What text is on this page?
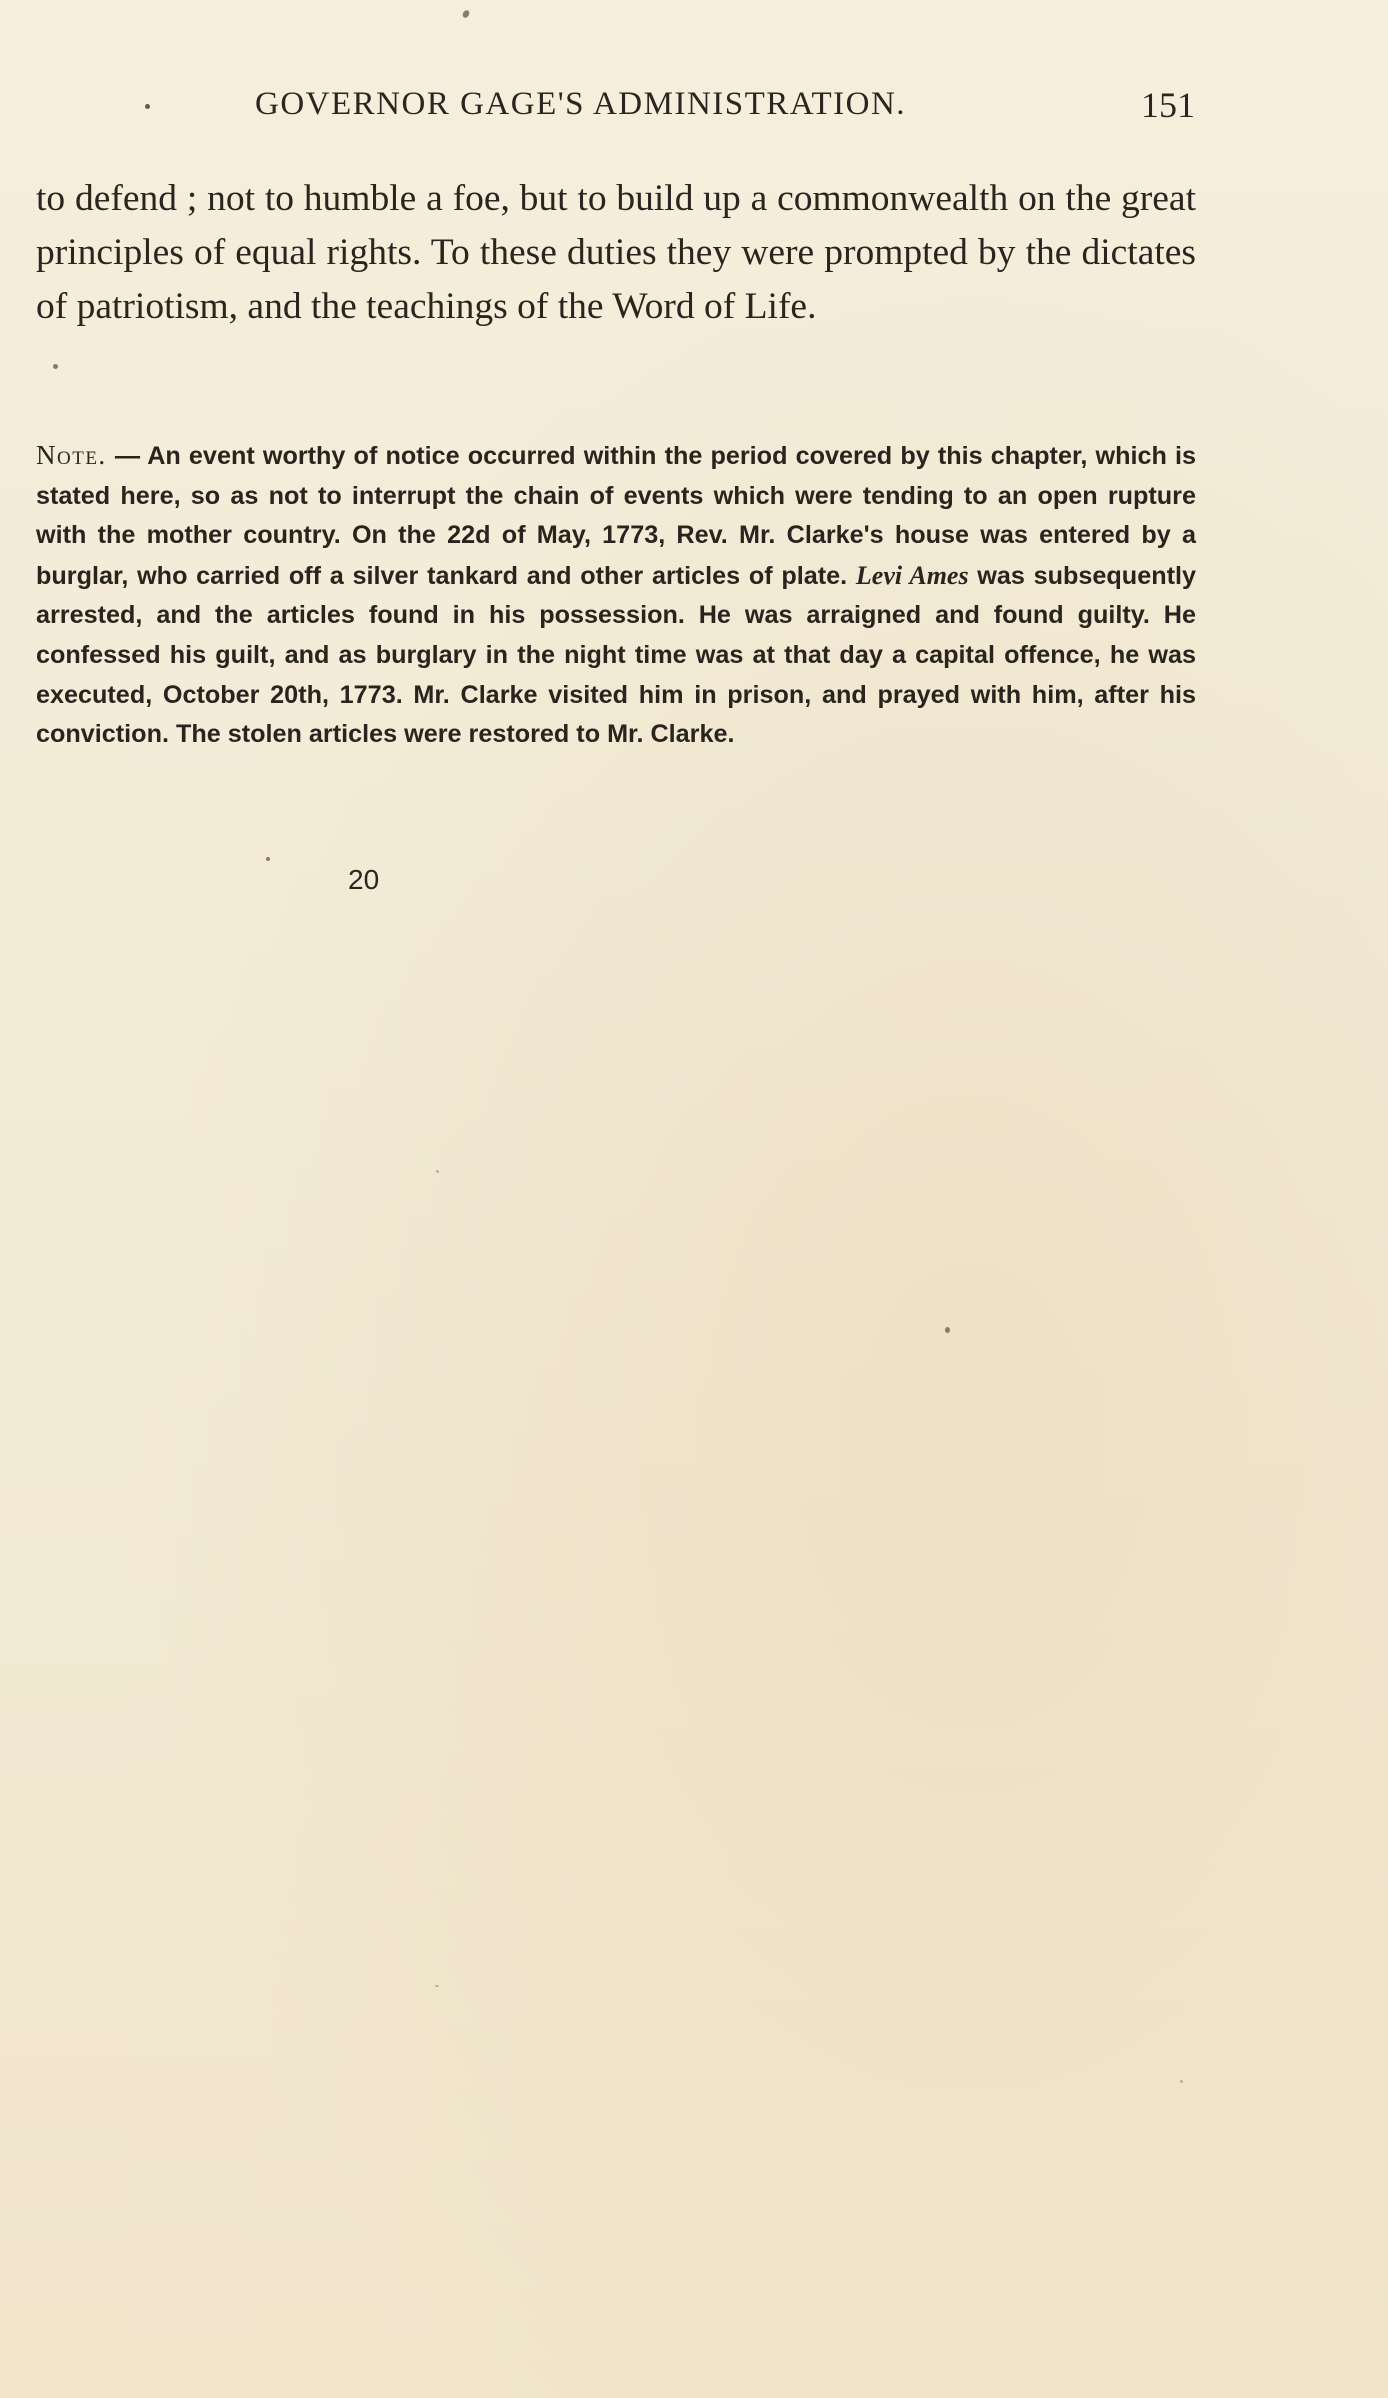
GOVERNOR GAGE'S ADMINISTRATION.	151

to defend ; not to humble a foe, but to build up a commonwealth on the great principles of equal rights. To these duties they were prompted by the dictates of patriotism, and the teachings of the Word of Life.

Note. — An event worthy of notice occurred within the period covered by this chapter, which is stated here, so as not to interrupt the chain of events which were tending to an open rupture with the mother country. On the 22d of May, 1773, Rev. Mr. Clarke's house was entered by a burglar, who carried off a silver tankard and other articles of plate. Levi Ames was subsequently arrested, and the articles found in his possession. He was arraigned and found guilty. He confessed his guilt, and as burglary in the night time was at that day a capital offence, he was executed, October 20th, 1773. Mr. Clarke visited him in prison, and prayed with him, after his conviction. The stolen articles were restored to Mr. Clarke.

20
